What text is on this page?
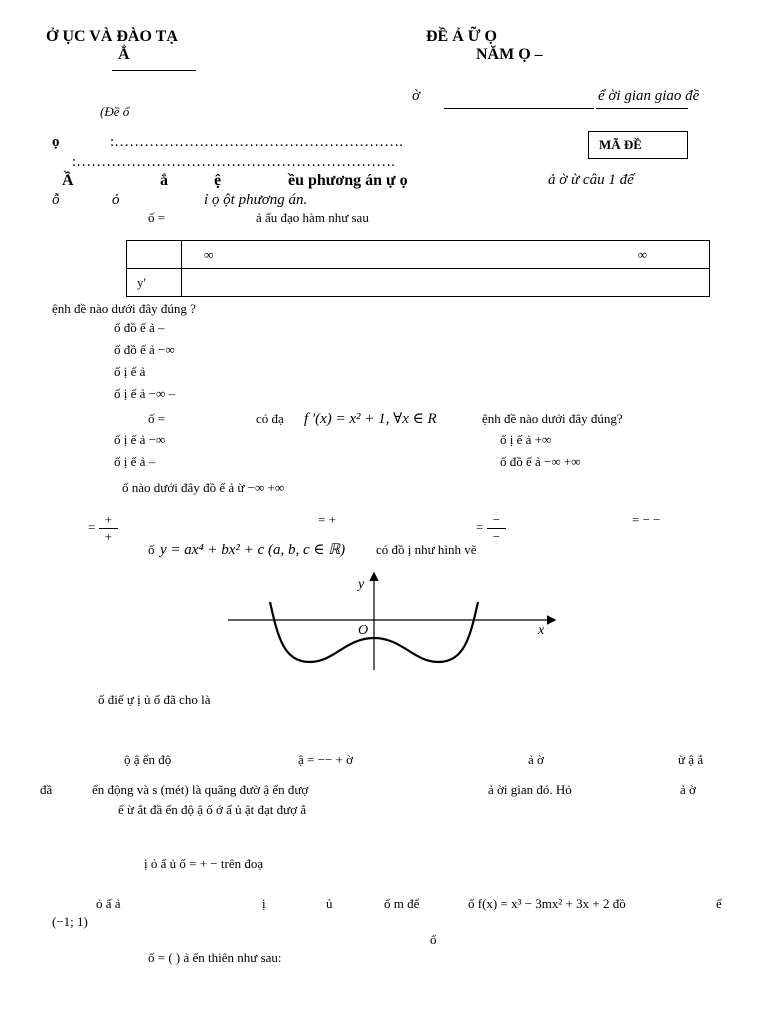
Ở ỤC VÀ ĐÀO TẠ
Ắ
ĐỀ Ả Ữ Ọ
NĂM Ọ –
ờ	ể ời gian giao đề
(Đề ổ
ọ	:………………………………………………….
:……………………………………………………….
MÃ ĐỀ
Ầ	ắ	ệ	ều phương án ự ọ	ả ờ ừ câu 1 đế
ỗ	ỏ	ỉ ọ ột phương án.
ố =	ả ấu đạo hàm như sau
	∞ ∞

y'	
ệnh đề nào dưới đây đúng ?
ố đồ ế ả –
ố đồ ế ả −∞
ố ị ế ả
ố ị ế ả −∞ –
ố =	có đạ f '(x) = x² + 1, ∀x ∈ R	ệnh đề nào dưới đây đúng?
ố ị ế ả −∞	ố ị ế ả +∞
ố ị ế ả –	ố đồ ế ả −∞ +∞
ố nào dưới đây đồ ế ả ừ −∞ +∞
= $\frac{+}{+}$	= +	= $\frac{-}{-}$	= − −
ố y = ax⁴ + bx² + c (a, b, c ∈ ℝ) có đồ ị như hình vẽ
y
x
O
ố điể ự ị ủ ố đã cho là
ộ ậ ển độ	ậ = −− + ờ	ả ờ	ừ ậ ắ
đầ	ển động và s (mét) là quãng đườ ậ ển đượ	ả ời gian đó. Hỏ	ả ờ
ể ừ ắt đầ ển độ ậ ố ớ ấ ủ ật đạt đượ ắ
ị ỏ ấ ủ ố = + − trên đoạ
ỏ ấ ả	ị	ủ	ố m để	ố f(x) = x³ − 3mx² + 3x + 2 đồ	ế
(−1; 1)
ố
ố = ( ) ả ến thiên như sau:
